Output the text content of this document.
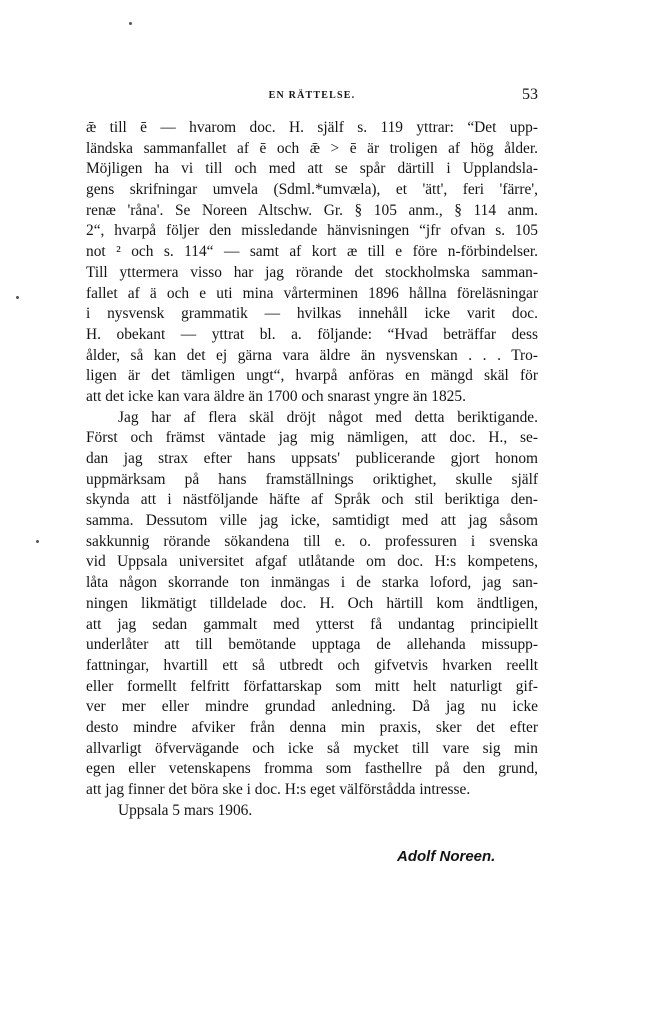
EN RÄTTELSE.	53
ǣ till ē — hvarom doc. H. själf s. 119 yttrar: “Det upp-
ländska sammanfallet af ē och ǣ > ē är troligen af hög ålder.
Möjligen ha vi till och med att se spår därtill i Upplandsla-
gens skrifningar umvela (Sdml.*umvæla), et 'ätt', feri 'färre',
renæ 'råna'. Se Noreen Altschw. Gr. § 105 anm., § 114 anm.
2“, hvarpå följer den missledande hänvisningen “jfr ofvan s. 105
not ² och s. 114“ — samt af kort æ till e före n-förbindelser.
Till yttermera visso har jag rörande det stockholmska samman-
fallet af ä och e uti mina vårterminen 1896 hållna föreläsningar
i nysvensk grammatik — hvilkas innehåll icke varit doc.
H. obekant — yttrat bl. a. följande: “Hvad beträffar dess
ålder, så kan det ej gärna vara äldre än nysvenskan . . . Tro-
ligen är det tämligen ungt“, hvarpå anföras en mängd skäl för
att det icke kan vara äldre än 1700 och snarast yngre än 1825.
Jag har af flera skäl dröjt något med detta beriktigande.
Först och främst väntade jag mig nämligen, att doc. H., se-
dan jag strax efter hans uppsats' publicerande gjort honom
uppmärksam på hans framställnings oriktighet, skulle själf
skynda att i nästföljande häfte af Språk och stil beriktiga den-
samma. Dessutom ville jag icke, samtidigt med att jag såsom
sakkunnig rörande sökandena till e. o. professuren i svenska
vid Uppsala universitet afgaf utlåtande om doc. H:s kompetens,
låta någon skorrande ton inmängas i de starka loford, jag san-
ningen likmätigt tilldelade doc. H. Och härtill kom ändtligen,
att jag sedan gammalt med ytterst få undantag principiellt
underlåter att till bemötande upptaga de allehanda missupp-
fattningar, hvartill ett så utbredt och gifvetvis hvarken reellt
eller formellt felfritt författarskap som mitt helt naturligt gif-
ver mer eller mindre grundad anledning. Då jag nu icke
desto mindre afviker från denna min praxis, sker det efter
allvarligt öfvervägande och icke så mycket till vare sig min
egen eller vetenskapens fromma som fasthellre på den grund,
att jag finner det böra ske i doc. H:s eget välförstådda intresse.
Uppsala 5 mars 1906.
Adolf Noreen.
